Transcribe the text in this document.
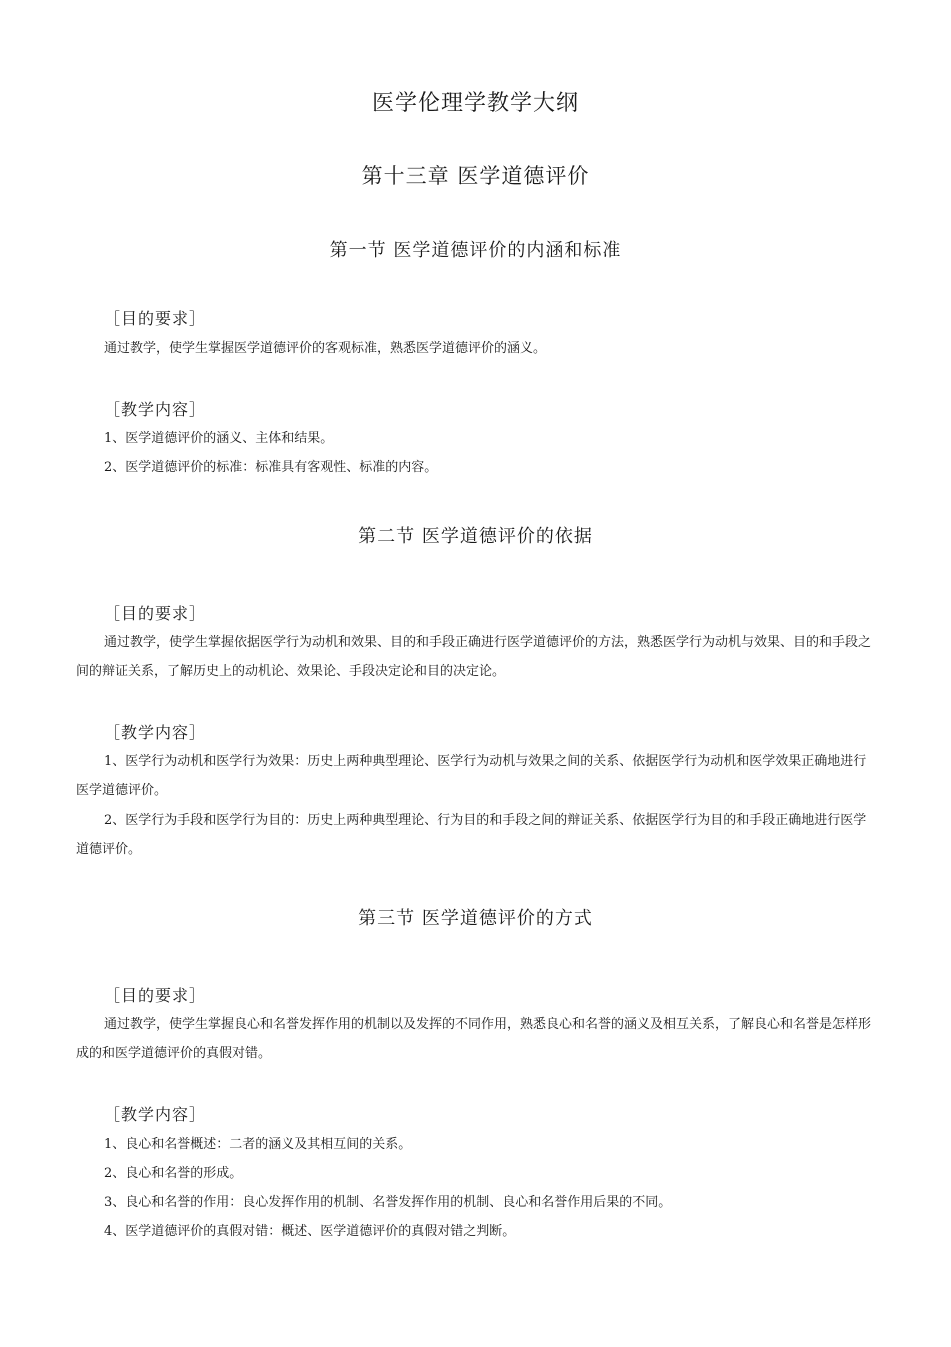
医学伦理学教学大纲
第十三章 医学道德评价
第一节 医学道德评价的内涵和标准
［目的要求］

通过教学，使学生掌握医学道德评价的客观标准，熟悉医学道德评价的涵义。

［教学内容］

1、医学道德评价的涵义、主体和结果。

2、医学道德评价的标准：标准具有客观性、标准的内容。

第二节 医学道德评价的依据
［目的要求］

通过教学，使学生掌握依据医学行为动机和效果、目的和手段正确进行医学道德评价的方法，熟悉医学行为动机与效果、目的和手段之间的辩证关系，了解历史上的动机论、效果论、手段决定论和目的决定论。

［教学内容］

1、医学行为动机和医学行为效果：历史上两种典型理论、医学行为动机与效果之间的关系、依据医学行为动机和医学效果正确地进行医学道德评价。

2、医学行为手段和医学行为目的：历史上两种典型理论、行为目的和手段之间的辩证关系、依据医学行为目的和手段正确地进行医学道德评价。

第三节 医学道德评价的方式
［目的要求］

通过教学，使学生掌握良心和名誉发挥作用的机制以及发挥的不同作用，熟悉良心和名誉的涵义及相互关系，了解良心和名誉是怎样形成的和医学道德评价的真假对错。

［教学内容］

1、良心和名誉概述：二者的涵义及其相互间的关系。

2、良心和名誉的形成。

3、良心和名誉的作用：良心发挥作用的机制、名誉发挥作用的机制、良心和名誉作用后果的不同。

4、医学道德评价的真假对错：概述、医学道德评价的真假对错之判断。
